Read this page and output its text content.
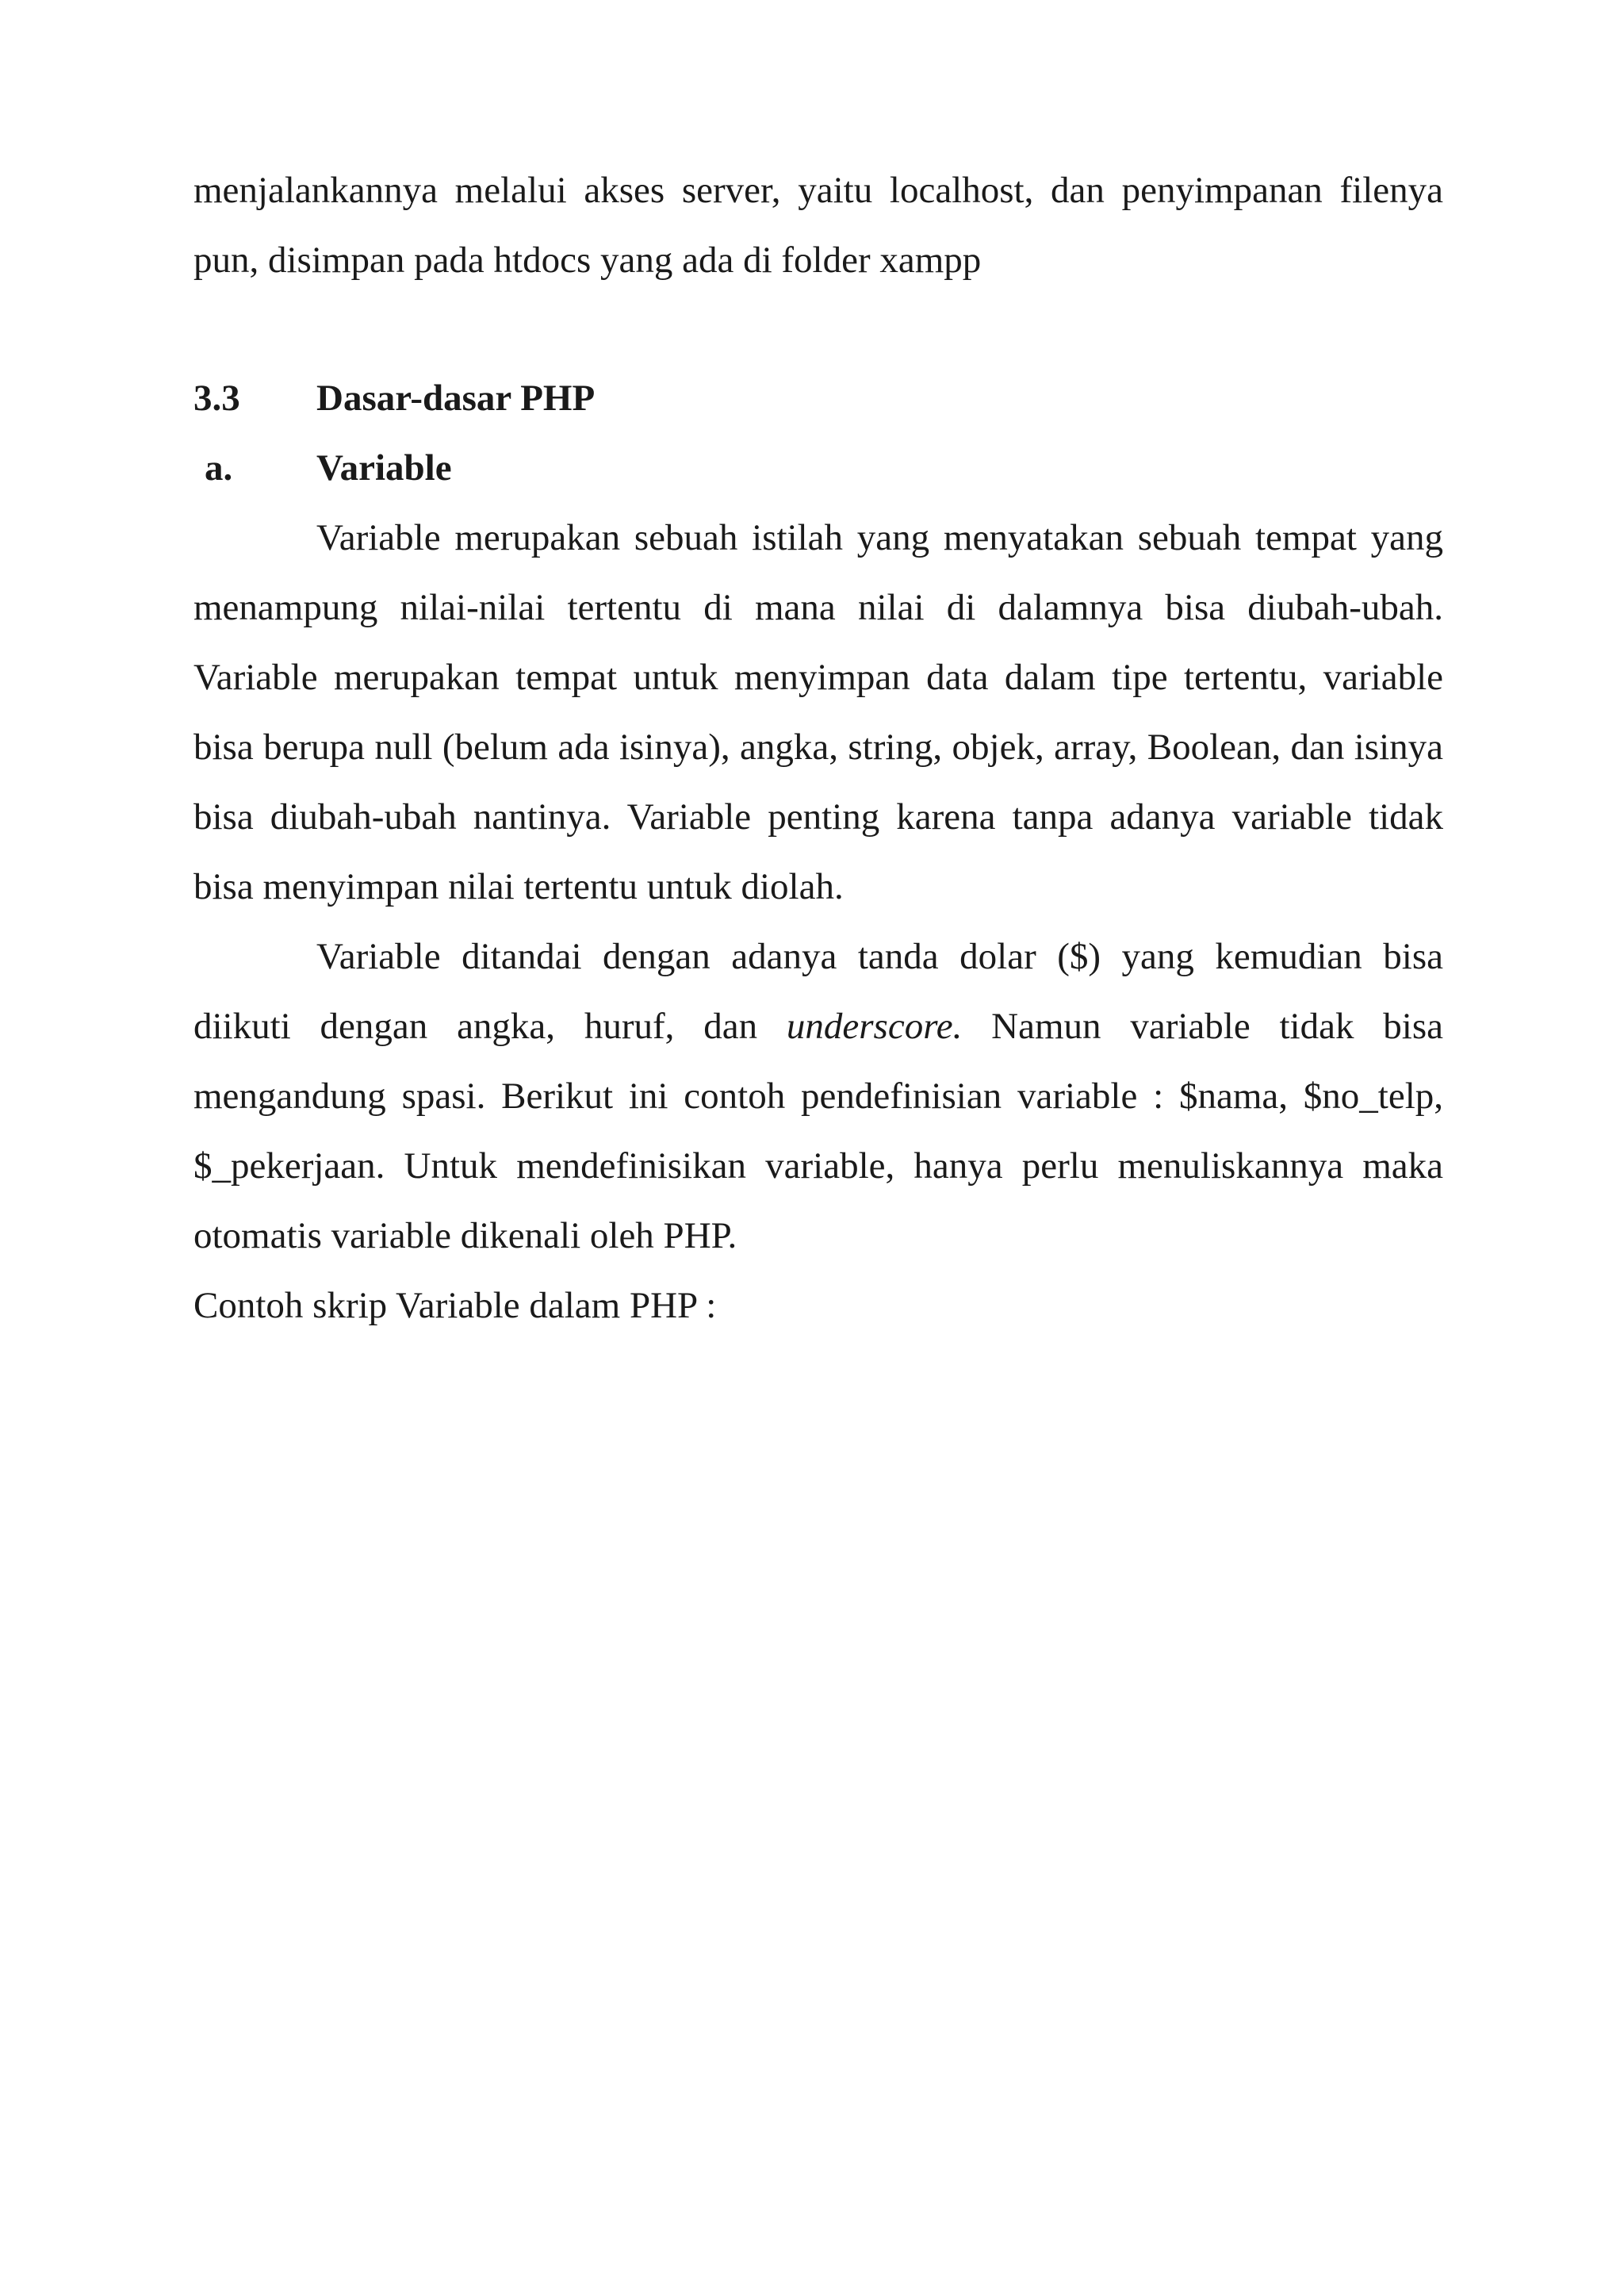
menjalankannya melalui akses server, yaitu localhost, dan penyimpanan filenya pun, disimpan pada htdocs yang ada di folder xampp

3.3	Dasar-dasar PHP
a.	Variable

Variable merupakan sebuah istilah yang menyatakan sebuah tempat yang menampung nilai-nilai tertentu di mana nilai di dalamnya bisa diubah-ubah. Variable merupakan tempat untuk menyimpan data dalam tipe tertentu, variable bisa berupa null (belum ada isinya), angka, string, objek, array, Boolean, dan isinya bisa diubah-ubah nantinya. Variable penting karena tanpa adanya variable tidak bisa menyimpan nilai tertentu untuk diolah.

Variable ditandai dengan adanya tanda dolar ($) yang kemudian bisa diikuti dengan angka, huruf, dan underscore. Namun variable tidak bisa mengandung spasi. Berikut ini contoh pendefinisian variable : $nama, $no_telp, $_pekerjaan. Untuk mendefinisikan variable, hanya perlu menuliskannya maka otomatis variable dikenali oleh PHP.

Contoh skrip Variable dalam PHP :
